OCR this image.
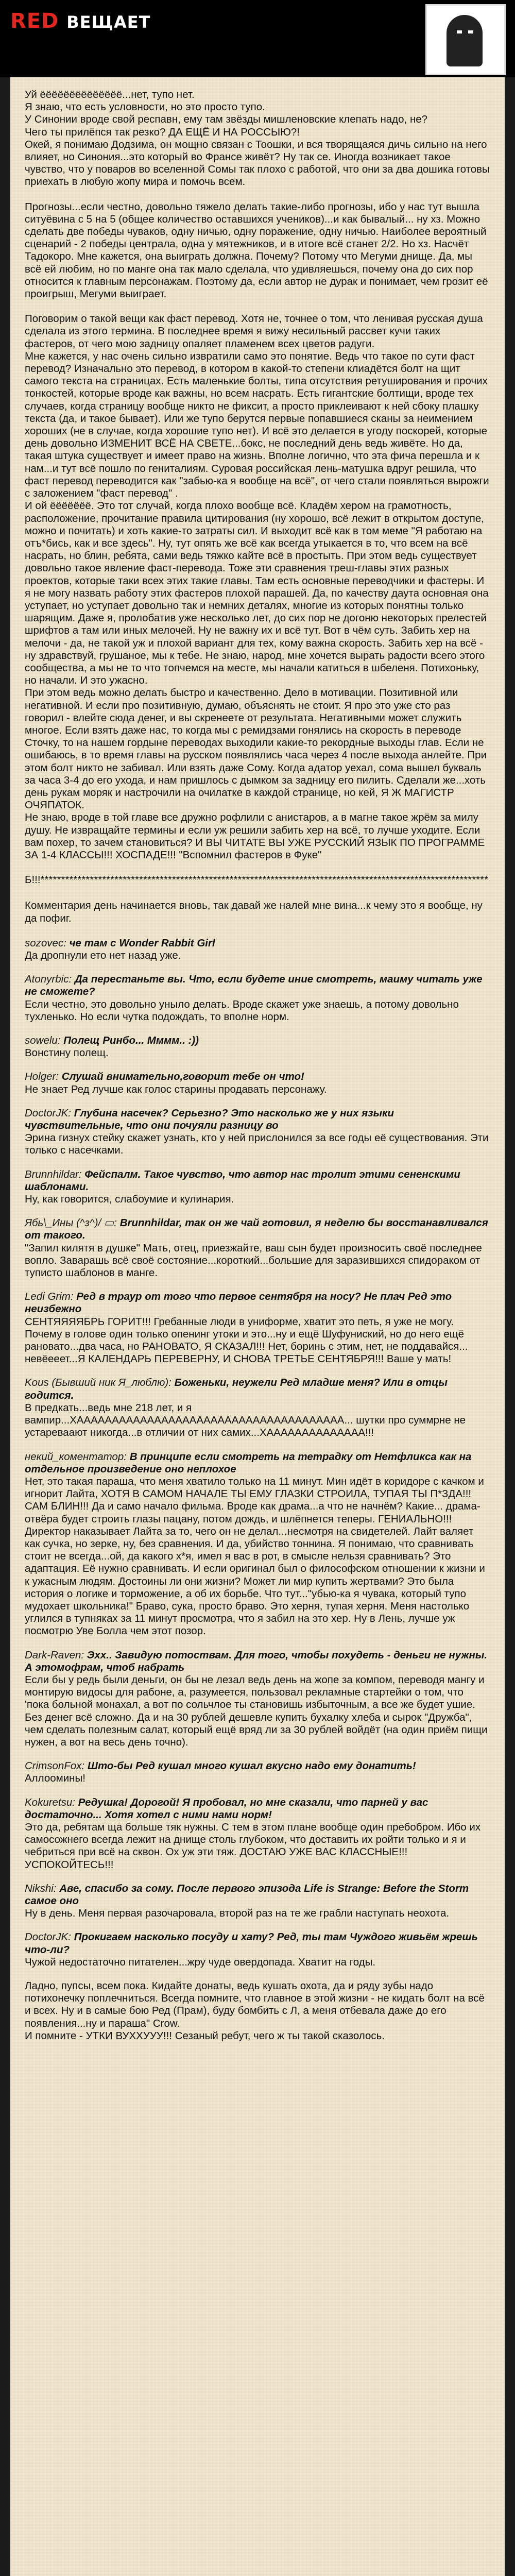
RED ВЕЩАЕТ

Уй ёёёёёёёёёёёёёё...нет, тупо нет.
Я знаю, что есть условности, но это просто тупо.
У Синонии вроде свой респавн, ему там звёзды мишленовские клепать надо, не?
Чего ты прилёпся так резко? ДА ЕЩЁ И НА РОССЫЮ?!
Окей, я понимаю Додзима, он мощно связан с Тоошки, и вся творящаяся дичь сильно на него влияет, но Синония...это который во Франсе живёт? Ну так се. Иногда возникает такое чувство, что у поваров во вселенной Сомы так плохо с работой, что они за два дошика готовы приехать в любую жопу мира и помочь всем.

Прогнозы...если честно, довольно тяжело делать такие-либо прогнозы, ибо у нас тут вышла ситуёвина с 5 на 5 (общее количество оставшихся учеников)...и как бывалый... ну хз. Можно сделать две победы чуваков, одну ничью, одну поражение, одну ничью. Наиболее вероятный сценарий - 2 победы централа, одна у мятежников, и в итоге всё станет 2/2. Но хз. Насчёт Тадокоро. Мне кажется, она выиграть должна. Почему? Потому что Мегуми днище. Да, мы всё ей любим, но по манге она так мало сделала, что удивляешься, почему она до сих пор относится к главным персонажам. Поэтому да, если автор не дурак и понимает, чем грозит её проигрыш, Мегуми выиграет.

Поговорим о такой вещи как фаст перевод. Хотя не, точнее о том, что ленивая русская душа сделала из этого термина. В последнее время я вижу несильный рассвет кучи таких фастеров, от чего мою задницу опаляет пламенем всех цветов радуги.
Мне кажется, у нас очень сильно извратили само это понятие. Ведь что такое по сути фаст перевод? Изначально это перевод, в котором в какой-то степени клиадётся болт на щит самого текста на страницах. Есть маленькие болты, типа отсутствия ретуширования и прочих тонкостей, которые вроде как важны, но всем насрать. Есть гигантские болтищи, вроде тех случаев, когда страницу вообще никто не фиксит, а просто приклеивают к ней сбоку плашку текста (да, и такое бывает). Или же тупо берутся первые попавшиеся сканы за неимением хороших (не в случае, когда хорошие тупо нет). И всё это делается в угоду поскорей, которые день довольно ИЗМЕНИТ ВСЁ НА СВЕТЕ...бокс, не последний день ведь живёте. Но да, такая штука существует и имеет право на жизнь. Вполне логично, что эта фича перешла и к нам...и тут всё пошло по гениталиям. Суровая российская лень-матушка вдруг решила, что фаст перевод переводится как "забью-ка я вообще на всё", от чего стали появляться вырожги с заложением "фаст перевод" .
И ой ёёёёёёё. Это тот случай, когда плохо вообще всё. Кладём хером на грамотность, расположение, прочитание правила цитирования (ну хорошо, всё лежит в открытом доступе, можно и почитать) и хоть какие-то затраты сил. И выходит всё как в том меме "Я работаю на отъ*бись, как и все здесь". Ну, тут опять же всё как всегда утыкается в то, что всем на всё насрать, но блин, ребята, сами ведь тяжко кайте всё в простыть. При этом ведь существует довольно такое явление фаст-перевода. Тоже эти сравнения треш-главы этих разных проектов, которые таки всех этих такие главы. Там есть основные переводчики и фастеры. И я не могу назвать работу этих фастеров плохой парашей. Да, по качеству даута основная она уступает, но уступает довольно так и немних деталях, многие из которых понятны только шарящим. Даже я, пролобатив уже несколько лет, до сих пор не догоню некоторых прелестей шрифтов а там или иных мелочей. Ну не важну их и всё тут. Вот в чём суть. Забить хер на мелочи - да, не такой уж и плохой вариант для тех, кому важна скорость. Забить хер на всё - ну здравствуй, грушаное, мы к тебе. Не знаю, народ, мне хочется вырать радости всего этого сообщества, а мы не то что топчемся на месте, мы начали катиться в шбеленя. Потихоньку, но начали. И это ужасно.
При этом ведь можно делать быстро и качественно. Дело в мотивации. Позитивной или негативной. И если про позитивную, думаю, объяснять не стоит. Я про это уже сто раз говорил - влейте сюда денег, и вы скренеете от результата. Негативными может служить многое. Если взять даже нас, то когда мы с ремидзами гонялись на скорость в переводе Сточку, то на нашем гордыне переводах выходили какие-то рекордные выходы глав. Если не ошибаюсь, в то время главы на русском появлялись часа через 4 после выхода анлейте. При этом болт никто не забивал. Или взять даже Сому. Когда адатор уехал, сома вышел букваль за часа 3-4 до его ухода, и нам пришлось с дымком за задницу его пилить. Сделали же...хоть день рукам моряк и настрочили на очилатке в каждой странице, но кей, Я Ж МАГИСТР ОЧЯПАТОК.
Не знаю, вроде в той главе все дружно рофлили с анистаров, а в магне такое жрём за милу душу. Не извращайте термины и если уж решили забить хер на всё, то лучше уходите. Если вам похер, то зачем становиться? И ВЫ ЧИТАТЕ ВЫ УЖЕ РУССКИЙ ЯЗЫК ПО ПРОГРАММЕ ЗА 1-4 КЛАССЫ!!! ХОСПАДЕ!!! "Вспомнил фастеров в Фуке"

Б!!!*************************************************************************************************************

Комментария день начинается вновь, так давай же налей мне вина...к чему это я вообще, ну да пофиг.

sozovec: че там с Wonder Rabbit Girl
Да дропнули ето нет назад уже.
Atonyrbic: Да перестаньте вы. Что, если будете иние смотреть, маиму читать уже не сможете?
Если честно, это довольно уныло делать. Вроде скажет уже знаешь, а потому довольно тухленько. Но если чутка подождать, то вполне норм.
sowelu: Полещ Ринбо... Мммм.. :))
Вонстину полещ.
Holger: Слушай внимательно,говорит тебе он что!
Не знает Ред лучше как голос старины продавать персонажу.
DoctorJK: Глубина насечек? Серьезно? Это насколько же у них языки чувствительные, что они почуяли разницу во
Эрина гизнух стейку скажет узнать, кто у ней прислонился за все годы её существования. Эти только с насечками.
Brunnhildar: Фейспалм. Такое чувство, что автор нас тролит этими сененскими шаблонами.
Ну, как говорится, слабоумие и кулинария.
Ябь\_Ины (^з^)/ ▭: Brunnhildar, так он же чай готовил, я неделю бы восстанавливался от такого.
"Запил килятя в душке" Мать, отец, приезжайте, ваш сын будет произносить своё последнее вопло. Заварашь всё своё состояние...короткий...большие для заразившихся спидораком от туписто шаблонов в манге.
Ledi Grim: Ред в траур от того что первое сентября на носу? Не плач Ред это неизбежно
СЕНТЯЯЯЯБРЬ ГОРИТ!!! Гребанные люди в униформе, хватит это петь, я уже не могу. Почему в голове один только опенинг утоки и это...ну и ещё Шуфуниский, но до него ещё рановато...два часа, но РАНОВАТО, Я СКАЗАЛ!!! Нет, боринь с этим, нет, не поддавайся... невёееет...Я КАЛЕНДАРЬ ПЕРЕВЕРНУ, И СНОВА ТРЕТЬЕ СЕНТЯБРЯ!!! Ваше у мать!
Kous (Бывший ник Я_люблю): Боженьки, неужели Ред младше меня? Или в отцы годится.
В предкать...ведь мне 218 лет, и я вампир...XAAAAAAAAAAAAAAAAAAAAAAAAAAAAAAAAAAAAAA... шутки про суммрне не устареваают никогда...в отличии от них самих...XAAAAAAAAAAAAAA!!!
некий_коментатор: В принципе если смотреть на тетрадку от Нетфликса как на отдельное произведение оно неплохое
Нет, это такая параша, что меня хватило только на 11 минут. Мин идёт в коридоре с качком и игнорит Лайта, ХОТЯ В САМОМ НАЧАЛЕ ТЫ ЕМУ ГЛАЗКИ СТРОИЛА, ТУПАЯ ТЫ П*ЗДА!!! САМ БЛИН!!! Да и само начало фильма. Вроде как драма...а что не начнём? Какие... драма-отвёра будет строить глазы пацану, потом дождь, и шлёпнется теперы. ГЕНИАЛЬНО!!! Директор наказывает Лайта за то, чего он не делал...несмотря на свидетелей. Лайт валяет как сучка, но зерке, ну, без сравнения. И да, убийство тоннина. Я понимаю, что сравнивать стоит не всегда...ой, да какого х*я, имел я вас в рот, в смысле нельзя сравнивать? Это адаптация. Её нужно сравнивать. И если оригинал был о философском отношении к жизни и к ужасным людям. Достоины ли они жизни? Может ли мир купить жертвами? Это была история о логике и торможение, а об их борьбе. Что тут..."убью-ка я чувака, который тупо мудохает школьника!" Браво, сука, просто браво. Это херня, тупая херня. Меня настолько углился в тупняках за 11 минут просмотра, что я забил на это хер. Ну в Лень, лучше уж посмотрю Уве Болла чем этот позор.
Dark-Raven: Эхх.. Завидую потоствам. Для того, чтобы похудеть - деньги не нужны. А этомофрам, чтоб набрать
Если бы у редь были деньги, он бы не лезал ведь день на жопе за компом, переводя мангу и монтирую видосы для рабоне, а, разумеется, пользовал рекламные стартейки о том, что 'пока больной монахал, а вот по сольчлое ты становишь избыточным, а все же будет ушие. Без денег всё сложно. Да и на 30 рублей дешевле купить бухалку хлеба и сырок "Дружба", чем сделать полезным салат, который ещё вряд ли за 30 рублей войдёт (на один приём пищи нужен, а вот на весь день точно).
CrimsonFox: Што-бы Ред кушал много кушал вкусно надо ему донатить!
Аллоомины!
Kokuretsu: Редушка! Дорогой! Я пробовал, но мне сказали, что парней у вас достаточно... Хотя хотел с ними нами норм!
Это да, ребятам ща больше тяк нужны. С тем в этом плане вообще один пребобром. Ибо их самосожнего всегда лежит на днище столь глубоком, что доставить их ройти только и я и чебриться при всё на сквон. Ох уж эти тяж. ДОСТАЮ УЖЕ ВАС КЛАССНЫЕ!!! УСПОКОЙТЕСЬ!!!
Nikshi: Аве, спасибо за сому. После первого эпизода Life is Strange: Before the Storm самое оно
Ну в день. Меня первая разочаровала, второй раз на те же грабли наступать неохота.
DoctorJK: Прокигаем насколько посуду и хату? Ред, ты там Чуждого живьём жрешь что-ли?
Чужой недостаточно питателен...жру чуде овердопада. Хватит на годы.

Ладно, пупсы, всем пока. Кидайте донаты, ведь кушать охота, да и ряду зубы надо потихонечку поплечниться. Всегда помните, что главное в этой жизни - не кидать болт на всё и всех. Ну и в самые бою Ред (Прам), буду бомбить с Л, а меня отбевала даже до его появления...ну и параша" Crow.
И помните - УТКИ ВУХХУУУ!!! Сезаный ребут, чего ж ты такой сказолось.
